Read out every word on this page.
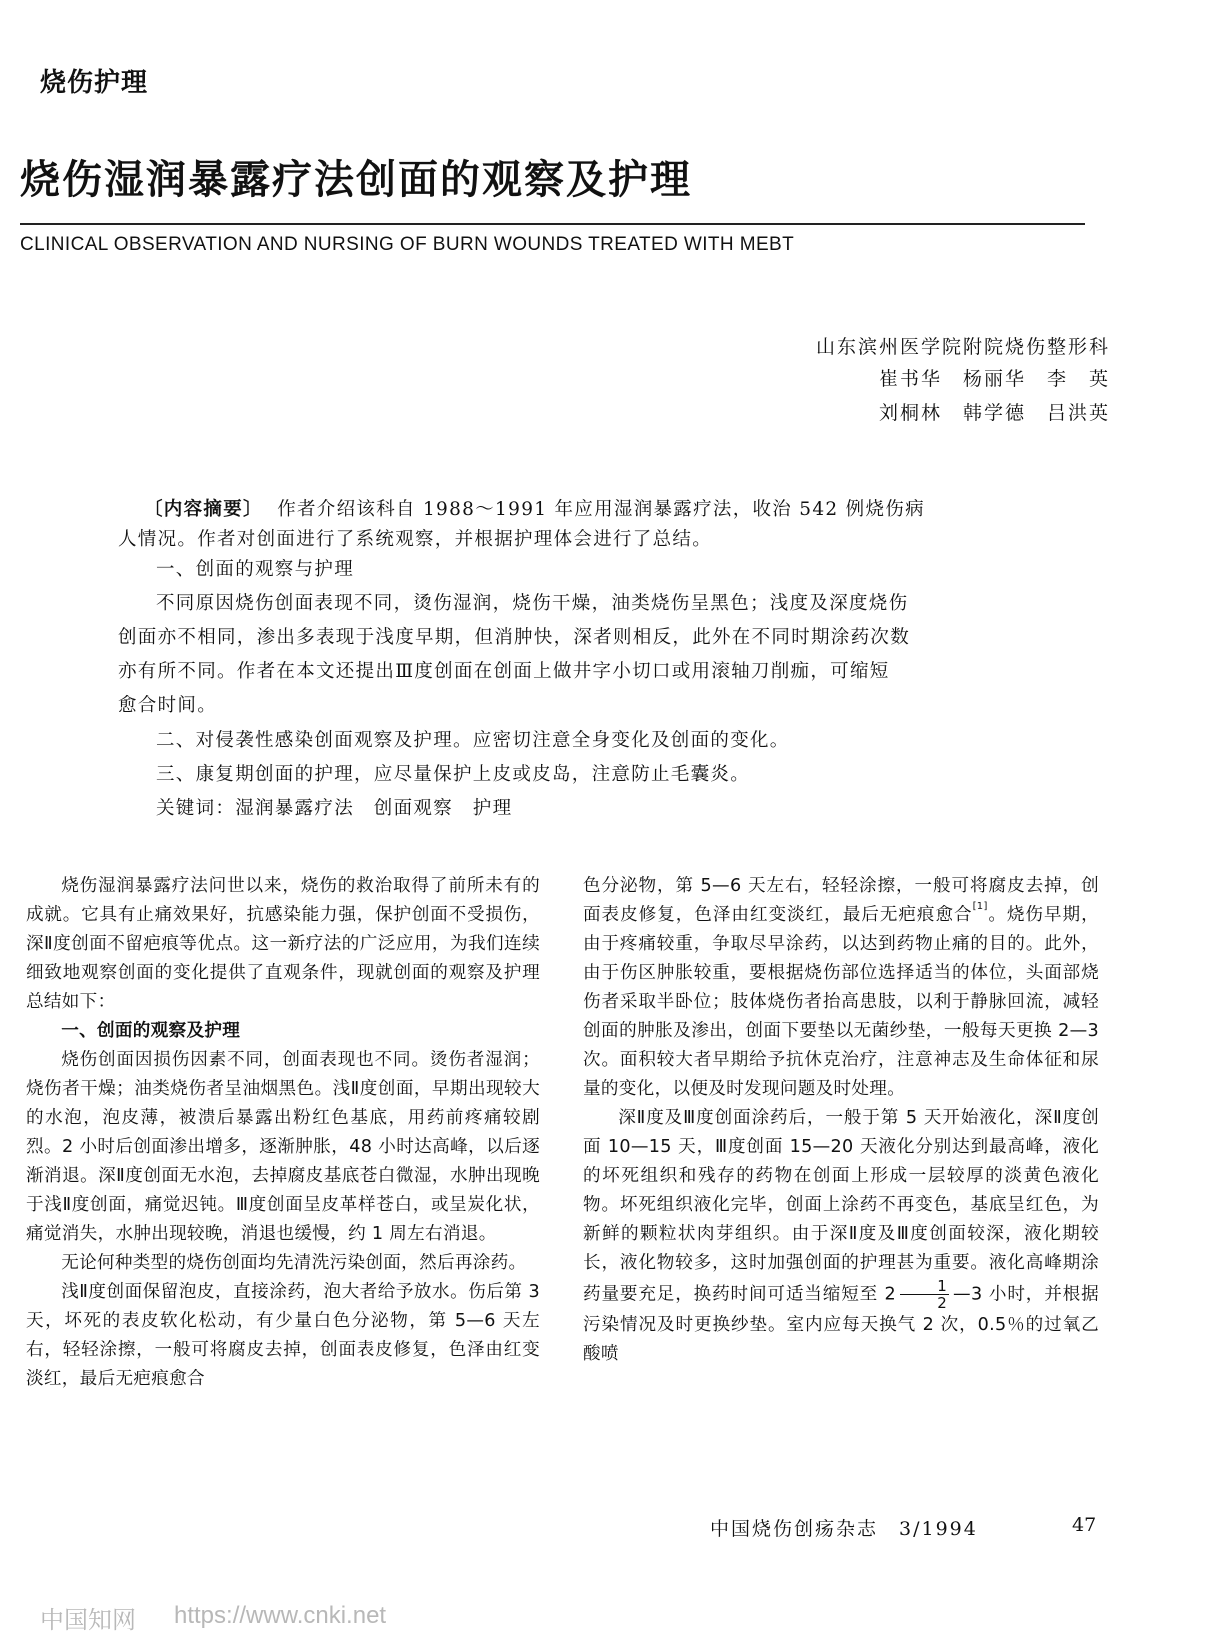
烧伤护理
烧伤湿润暴露疗法创面的观察及护理
CLINICAL OBSERVATION AND NURSING OF BURN WOUNDS TREATED WITH MEBT
山东滨州医学院附院烧伤整形科
崔书华　杨丽华　李　英
刘桐林　韩学德　吕洪英
〔内容摘要〕 作者介绍该科自 1988～1991 年应用湿润暴露疗法，收治 542 例烧伤病
人情况。作者对创面进行了系统观察，并根据护理体会进行了总结。
一、创面的观察与护理
不同原因烧伤创面表现不同，烫伤湿润，烧伤干燥，油类烧伤呈黑色；浅度及深度烧伤
创面亦不相同，渗出多表现于浅度早期，但消肿快，深者则相反，此外在不同时期涂药次数
亦有所不同。作者在本文还提出Ⅲ度创面在创面上做井字小切口或用滚轴刀削痂，可缩短
愈合时间。
二、对侵袭性感染创面观察及护理。应密切注意全身变化及创面的变化。
三、康复期创面的护理，应尽量保护上皮或皮岛，注意防止毛囊炎。
关键词：湿润暴露疗法　创面观察　护理

烧伤湿润暴露疗法问世以来，烧伤的救治取得了前所未有的成就。它具有止痛效果好，抗感染能力强，保护创面不受损伤，深Ⅱ度创面不留疤痕等优点。这一新疗法的广泛应用，为我们连续细致地观察创面的变化提供了直观条件，现就创面的观察及护理总结如下：

一、创面的观察及护理

烧伤创面因损伤因素不同，创面表现也不同。烫伤者湿润；烧伤者干燥；油类烧伤者呈油烟黑色。浅Ⅱ度创面，早期出现较大的水泡，泡皮薄，被溃后暴露出粉红色基底，用药前疼痛较剧烈。2 小时后创面渗出增多，逐渐肿胀，48 小时达高峰，以后逐渐消退。深Ⅱ度创面无水泡，去掉腐皮基底苍白微湿，水肿出现晚于浅Ⅱ度创面，痛觉迟钝。Ⅲ度创面呈皮革样苍白，或呈炭化状，痛觉消失，水肿出现较晚，消退也缓慢，约 1 周左右消退。

无论何种类型的烧伤创面均先清洗污染创面，然后再涂药。

浅Ⅱ度创面保留泡皮，直接涂药，泡大者给予放水。伤后第 3 天，坏死的表皮软化松动，有少量白色分泌物，第 5—6 天左右，轻轻涂擦，一般可将腐皮去掉，创面表皮修复，色泽由红变淡红，最后无疤痕愈合

色分泌物，第 5—6 天左右，轻轻涂擦，一般可将腐皮去掉，创面表皮修复，色泽由红变淡红，最后无疤痕愈合[1]。烧伤早期，由于疼痛较重，争取尽早涂药，以达到药物止痛的目的。此外，由于伤区肿胀较重，要根据烧伤部位选择适当的体位，头面部烧伤者采取半卧位；肢体烧伤者抬高患肢，以利于静脉回流，减轻创面的肿胀及渗出，创面下要垫以无菌纱垫，一般每天更换 2—3 次。面积较大者早期给予抗休克治疗，注意神志及生命体征和尿量的变化，以便及时发现问题及时处理。

深Ⅱ度及Ⅲ度创面涂药后，一般于第 5 天开始液化，深Ⅱ度创面 10—15 天，Ⅲ度创面 15—20 天液化分别达到最高峰，液化的坏死组织和残存的药物在创面上形成一层较厚的淡黄色液化物。坏死组织液化完毕，创面上涂药不再变色，基底呈红色，为新鲜的颗粒状肉芽组织。由于深Ⅱ度及Ⅲ度创面较深，液化期较长，液化物较多，这时加强创面的护理甚为重要。液化高峰期涂药量要充足，换药时间可适当缩短至 $2 \frac{1}{2}$ —3 小时，并根据污染情况及时更换纱垫。室内应每天换气 2 次，0.5％的过氧乙酸喷

中国烧伤创疡杂志　3/1994	47
中国知网 https://www.cnki.net
